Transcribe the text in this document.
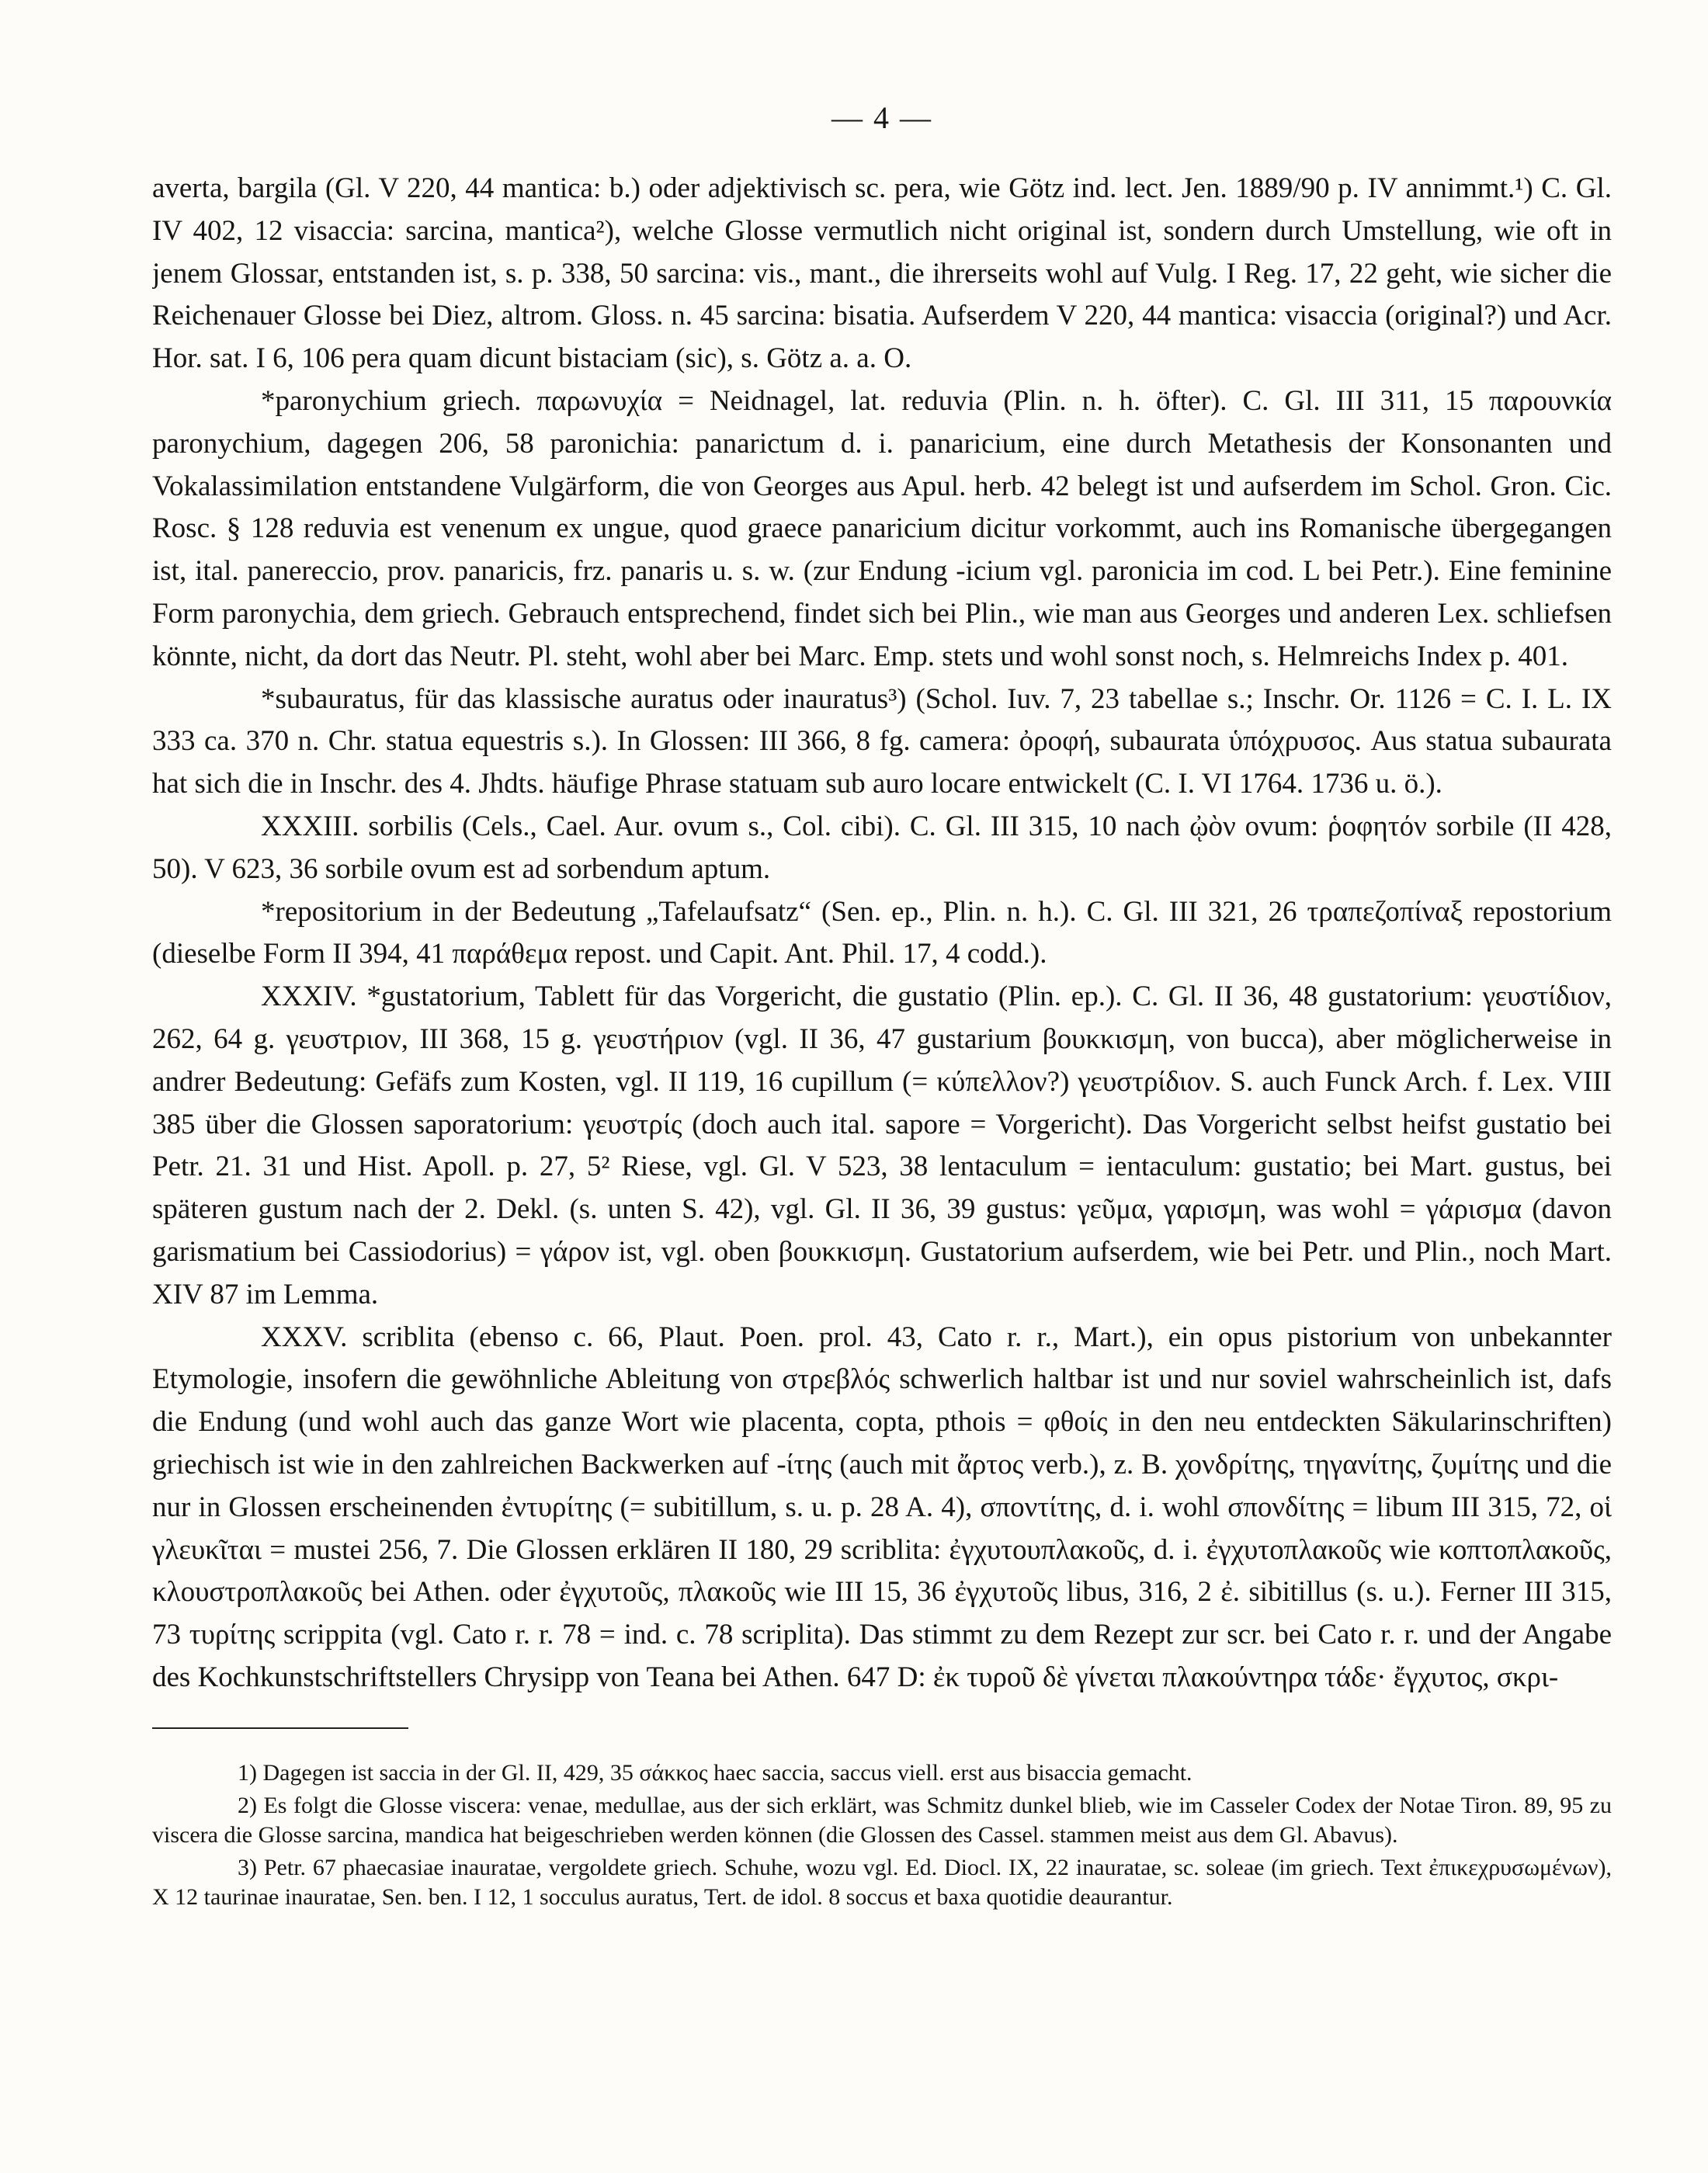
— 4 —

averta, bargila (Gl. V 220, 44 mantica: b.) oder adjektivisch sc. pera, wie Götz ind. lect. Jen. 1889/90 p. IV annimmt.¹) C. Gl. IV 402, 12 visaccia: sarcina, mantica²), welche Glosse vermutlich nicht original ist, sondern durch Umstellung, wie oft in jenem Glossar, entstanden ist, s. p. 338, 50 sarcina: vis., mant., die ihrerseits wohl auf Vulg. I Reg. 17, 22 geht, wie sicher die Reichenauer Glosse bei Diez, altrom. Gloss. n. 45 sarcina: bisatia. Aufserdem V 220, 44 mantica: visaccia (original?) und Acr. Hor. sat. I 6, 106 pera quam dicunt bistaciam (sic), s. Götz a. a. O.

*paronychium griech. παρωνυχία = Neidnagel, lat. reduvia (Plin. n. h. öfter). C. Gl. III 311, 15 παρουνκία paronychium, dagegen 206, 58 paronichia: panarictum d. i. panaricium, eine durch Metathesis der Konsonanten und Vokalassimilation entstandene Vulgärform, die von Georges aus Apul. herb. 42 belegt ist und aufserdem im Schol. Gron. Cic. Rosc. § 128 reduvia est venenum ex ungue, quod graece panaricium dicitur vorkommt, auch ins Romanische übergegangen ist, ital. panereccio, prov. panaricis, frz. panaris u. s. w. (zur Endung -icium vgl. paronicia im cod. L bei Petr.). Eine feminine Form paronychia, dem griech. Gebrauch entsprechend, findet sich bei Plin., wie man aus Georges und anderen Lex. schliefsen könnte, nicht, da dort das Neutr. Pl. steht, wohl aber bei Marc. Emp. stets und wohl sonst noch, s. Helmreichs Index p. 401.

*subauratus, für das klassische auratus oder inauratus³) (Schol. Iuv. 7, 23 tabellae s.; Inschr. Or. 1126 = C. I. L. IX 333 ca. 370 n. Chr. statua equestris s.). In Glossen: III 366, 8 fg. camera: ὀροφή, subaurata ὑπόχρυσος. Aus statua subaurata hat sich die in Inschr. des 4. Jhdts. häufige Phrase statuam sub auro locare entwickelt (C. I. VI 1764. 1736 u. ö.).

XXXIII. sorbilis (Cels., Cael. Aur. ovum s., Col. cibi). C. Gl. III 315, 10 nach ᾠὸν ovum: ῥοφητόν sorbile (II 428, 50). V 623, 36 sorbile ovum est ad sorbendum aptum.

*repositorium in der Bedeutung „Tafelaufsatz“ (Sen. ep., Plin. n. h.). C. Gl. III 321, 26 τραπεζοπίναξ repostorium (dieselbe Form II 394, 41 παράθεμα repost. und Capit. Ant. Phil. 17, 4 codd.).

XXXIV. *gustatorium, Tablett für das Vorgericht, die gustatio (Plin. ep.). C. Gl. II 36, 48 gustatorium: γευστίδιον, 262, 64 g. γευστριον, III 368, 15 g. γευστήριον (vgl. II 36, 47 gustarium βουκκισμη, von bucca), aber möglicherweise in andrer Bedeutung: Gefäfs zum Kosten, vgl. II 119, 16 cupillum (= κύπελλον?) γευστρίδιον. S. auch Funck Arch. f. Lex. VIII 385 über die Glossen saporatorium: γευστρίς (doch auch ital. sapore = Vorgericht). Das Vorgericht selbst heifst gustatio bei Petr. 21. 31 und Hist. Apoll. p. 27, 5² Riese, vgl. Gl. V 523, 38 lentaculum = ientaculum: gustatio; bei Mart. gustus, bei späteren gustum nach der 2. Dekl. (s. unten S. 42), vgl. Gl. II 36, 39 gustus: γεῦμα, γαρισμη, was wohl = γάρισμα (davon garismatium bei Cassiodorius) = γάρον ist, vgl. oben βουκκισμη. Gustatorium aufserdem, wie bei Petr. und Plin., noch Mart. XIV 87 im Lemma.

XXXV. scriblita (ebenso c. 66, Plaut. Poen. prol. 43, Cato r. r., Mart.), ein opus pistorium von unbekannter Etymologie, insofern die gewöhnliche Ableitung von στρεβλός schwerlich haltbar ist und nur soviel wahrscheinlich ist, dafs die Endung (und wohl auch das ganze Wort wie placenta, copta, pthois = φθοίς in den neu entdeckten Säkularinschriften) griechisch ist wie in den zahlreichen Backwerken auf -ίτης (auch mit ἄρτος verb.), z. B. χονδρίτης, τηγανίτης, ζυμίτης und die nur in Glossen erscheinenden ἐντυρίτης (= subitillum, s. u. p. 28 A. 4), σποντίτης, d. i. wohl σπονδίτης = libum III 315, 72, οἱ γλευκῖται = mustei 256, 7. Die Glossen erklären II 180, 29 scriblita: ἐγχυτουπλακοῦς, d. i. ἐγχυτοπλακοῦς wie κοπτοπλακοῦς, κλουστροπλακοῦς bei Athen. oder ἐγχυτοῦς, πλακοῦς wie III 15, 36 ἐγχυτοῦς libus, 316, 2 ἐ. sibitillus (s. u.). Ferner III 315, 73 τυρίτης scrippita (vgl. Cato r. r. 78 = ind. c. 78 scriplita). Das stimmt zu dem Rezept zur scr. bei Cato r. r. und der Angabe des Kochkunstschriftstellers Chrysipp von Teana bei Athen. 647 D: ἐκ τυροῦ δὲ γίνεται πλακούντηρα τάδε· ἔγχυτος, σκρι-

1) Dagegen ist saccia in der Gl. II, 429, 35 σάκκος haec saccia, saccus viell. erst aus bisaccia gemacht.

2) Es folgt die Glosse viscera: venae, medullae, aus der sich erklärt, was Schmitz dunkel blieb, wie im Casseler Codex der Notae Tiron. 89, 95 zu viscera die Glosse sarcina, mandica hat beigeschrieben werden können (die Glossen des Cassel. stammen meist aus dem Gl. Abavus).

3) Petr. 67 phaecasiae inauratae, vergoldete griech. Schuhe, wozu vgl. Ed. Diocl. IX, 22 inauratae, sc. soleae (im griech. Text ἐπικεχρυσωμένων), X 12 taurinae inauratae, Sen. ben. I 12, 1 socculus auratus, Tert. de idol. 8 soccus et baxa quotidie deaurantur.
